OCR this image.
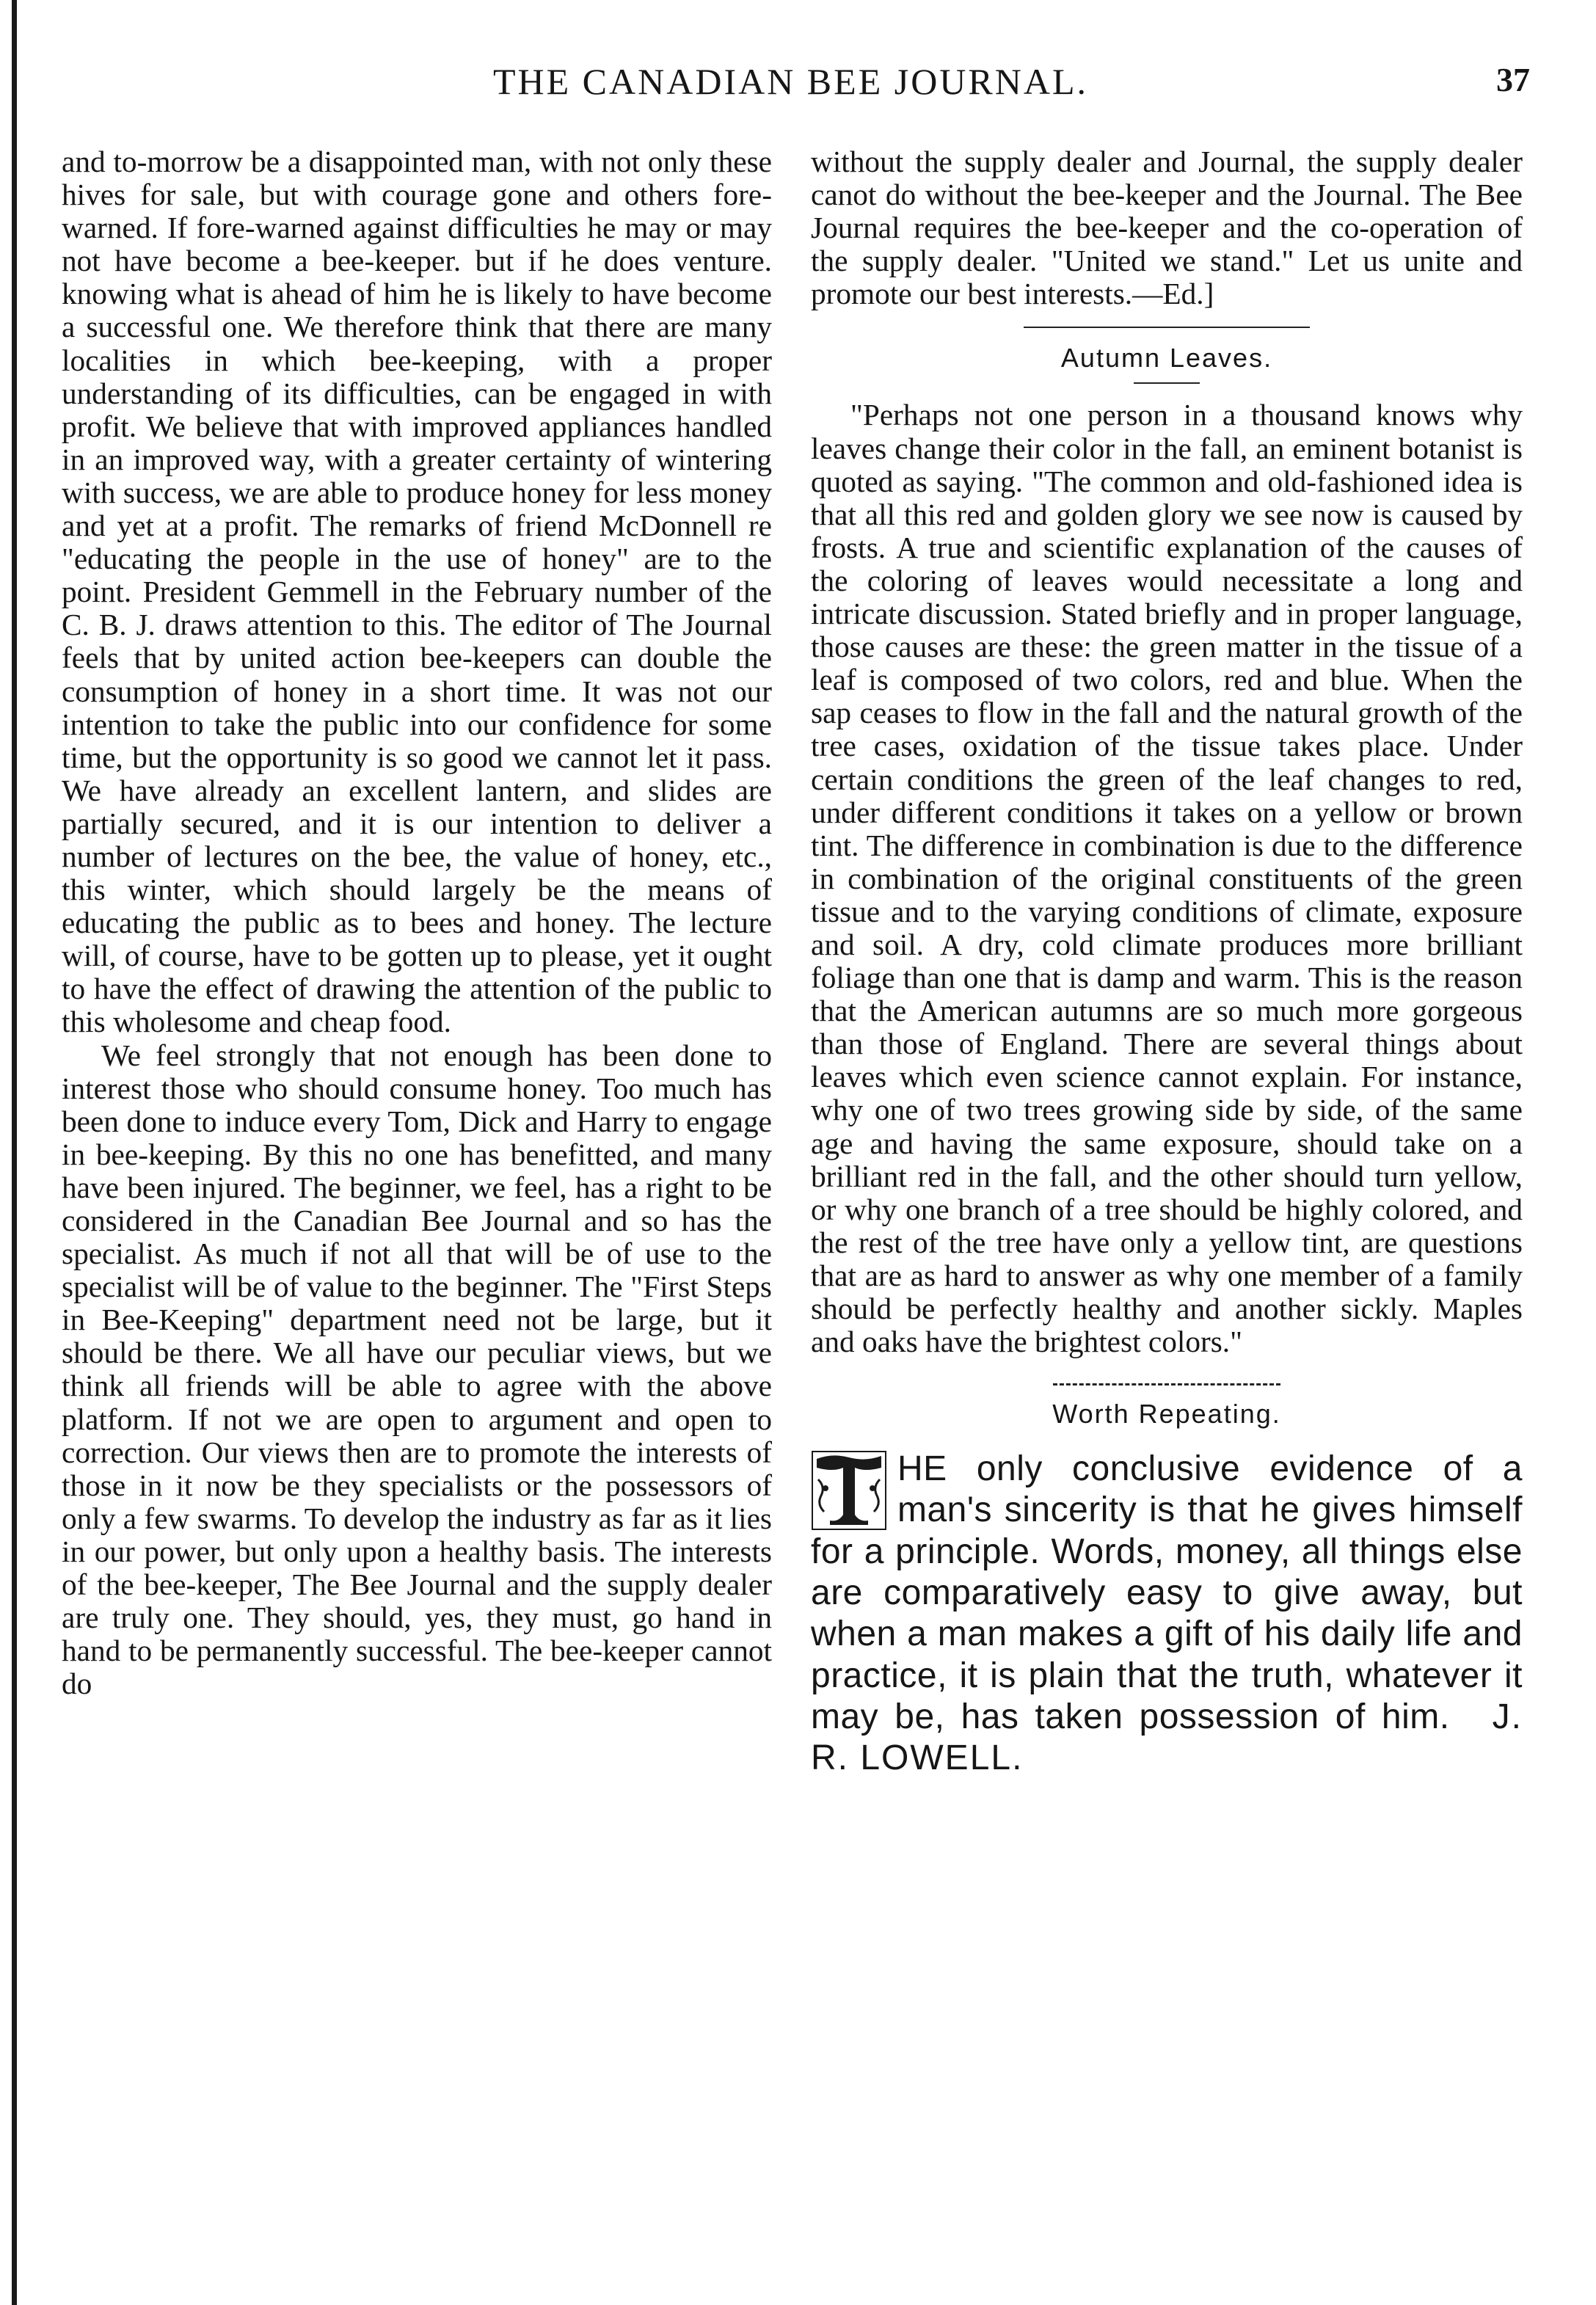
THE CANADIAN BEE JOURNAL.	37

and to-morrow be a disappointed man, with not only these hives for sale, but with courage gone and others fore-warned. If fore-warned against difficulties he may or may not have become a bee-keeper. but if he does venture. knowing what is ahead of him he is likely to have become a successful one. We therefore think that there are many localities in which bee-keeping, with a proper understanding of its difficulties, can be engaged in with profit. We believe that with improved appliances handled in an improved way, with a greater certainty of wintering with success, we are able to produce honey for less money and yet at a profit. The remarks of friend McDonnell re "educating the people in the use of honey" are to the point. President Gemmell in the February number of the C. B. J. draws attention to this. The editor of The Journal feels that by united action bee-keepers can double the consumption of honey in a short time. It was not our intention to take the public into our confidence for some time, but the opportunity is so good we cannot let it pass. We have already an excellent lantern, and slides are partially secured, and it is our intention to deliver a number of lectures on the bee, the value of honey, etc., this winter, which should largely be the means of educating the public as to bees and honey. The lecture will, of course, have to be gotten up to please, yet it ought to have the effect of drawing the attention of the public to this wholesome and cheap food.

We feel strongly that not enough has been done to interest those who should consume honey. Too much has been done to induce every Tom, Dick and Harry to engage in bee-keeping. By this no one has benefitted, and many have been injured. The beginner, we feel, has a right to be considered in the Canadian Bee Journal and so has the specialist. As much if not all that will be of use to the specialist will be of value to the beginner. The "First Steps in Bee-Keeping" department need not be large, but it should be there. We all have our peculiar views, but we think all friends will be able to agree with the above platform. If not we are open to argument and open to correction. Our views then are to promote the interests of those in it now be they specialists or the possessors of only a few swarms. To develop the industry as far as it lies in our power, but only upon a healthy basis. The interests of the bee-keeper, The Bee Journal and the supply dealer are truly one. They should, yes, they must, go hand in hand to be permanently successful. The bee-keeper cannot do

without the supply dealer and Journal, the supply dealer canot do without the bee-keeper and the Journal. The Bee Journal requires the bee-keeper and the co-operation of the supply dealer. "United we stand." Let us unite and promote our best interests.—Ed.]

Autumn Leaves.

"Perhaps not one person in a thousand knows why leaves change their color in the fall, an eminent botanist is quoted as saying. "The common and old-fashioned idea is that all this red and golden glory we see now is caused by frosts. A true and scientific explanation of the causes of the coloring of leaves would necessitate a long and intricate discussion. Stated briefly and in proper language, those causes are these: the green matter in the tissue of a leaf is composed of two colors, red and blue. When the sap ceases to flow in the fall and the natural growth of the tree cases, oxidation of the tissue takes place. Under certain conditions the green of the leaf changes to red, under different conditions it takes on a yellow or brown tint. The difference in combination is due to the difference in combination of the original constituents of the green tissue and to the varying conditions of climate, exposure and soil. A dry, cold climate produces more brilliant foliage than one that is damp and warm. This is the reason that the American autumns are so much more gorgeous than those of England. There are several things about leaves which even science cannot explain. For instance, why one of two trees growing side by side, of the same age and having the same exposure, should take on a brilliant red in the fall, and the other should turn yellow, or why one branch of a tree should be highly colored, and the rest of the tree have only a yellow tint, are questions that are as hard to answer as why one member of a family should be perfectly healthy and another sickly. Maples and oaks have the brightest colors."

Worth Repeating.
T
HE only conclusive evidence of a man's sincerity is that he gives himself for a principle. Words, money, all things else are comparatively easy to give away, but when a man makes a gift of his daily life and practice, it is plain that the truth, whatever it may be, has taken possession of him. J. R. LOWELL.
